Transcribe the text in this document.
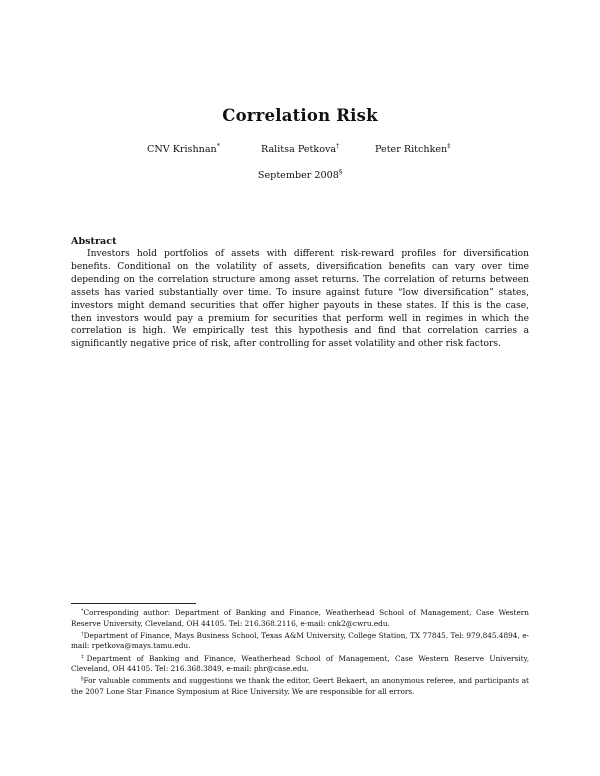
Correlation Risk
CNV Krishnan*	Ralitsa Petkova†	Peter Ritchken‡
September 2008§
Abstract

Investors hold portfolios of assets with different risk-reward profiles for diversification benefits. Conditional on the volatility of assets, diversification benefits can vary over time depending on the correlation structure among asset returns. The correlation of returns between assets has varied substantially over time. To insure against future “low diversification” states, investors might demand securities that offer higher payouts in these states. If this is the case, then investors would pay a premium for securities that perform well in regimes in which the correlation is high. We empirically test this hypothesis and find that correlation carries a significantly negative price of risk, after controlling for asset volatility and other risk factors.

*Corresponding author: Department of Banking and Finance, Weatherhead School of Management, Case Western Reserve University, Cleveland, OH 44105. Tel: 216.368.2116, e-mail: cnk2@cwru.edu.

†Department of Finance, Mays Business School, Texas A&M University, College Station, TX 77845. Tel: 979.845.4894, e-mail: rpetkova@mays.tamu.edu.

‡Department of Banking and Finance, Weatherhead School of Management, Case Western Reserve University, Cleveland, OH 44105. Tel: 216.368.3849, e-mail: phr@case.edu.

§For valuable comments and suggestions we thank the editor, Geert Bekaert, an anonymous referee, and participants at the 2007 Lone Star Finance Symposium at Rice University. We are responsible for all errors.
